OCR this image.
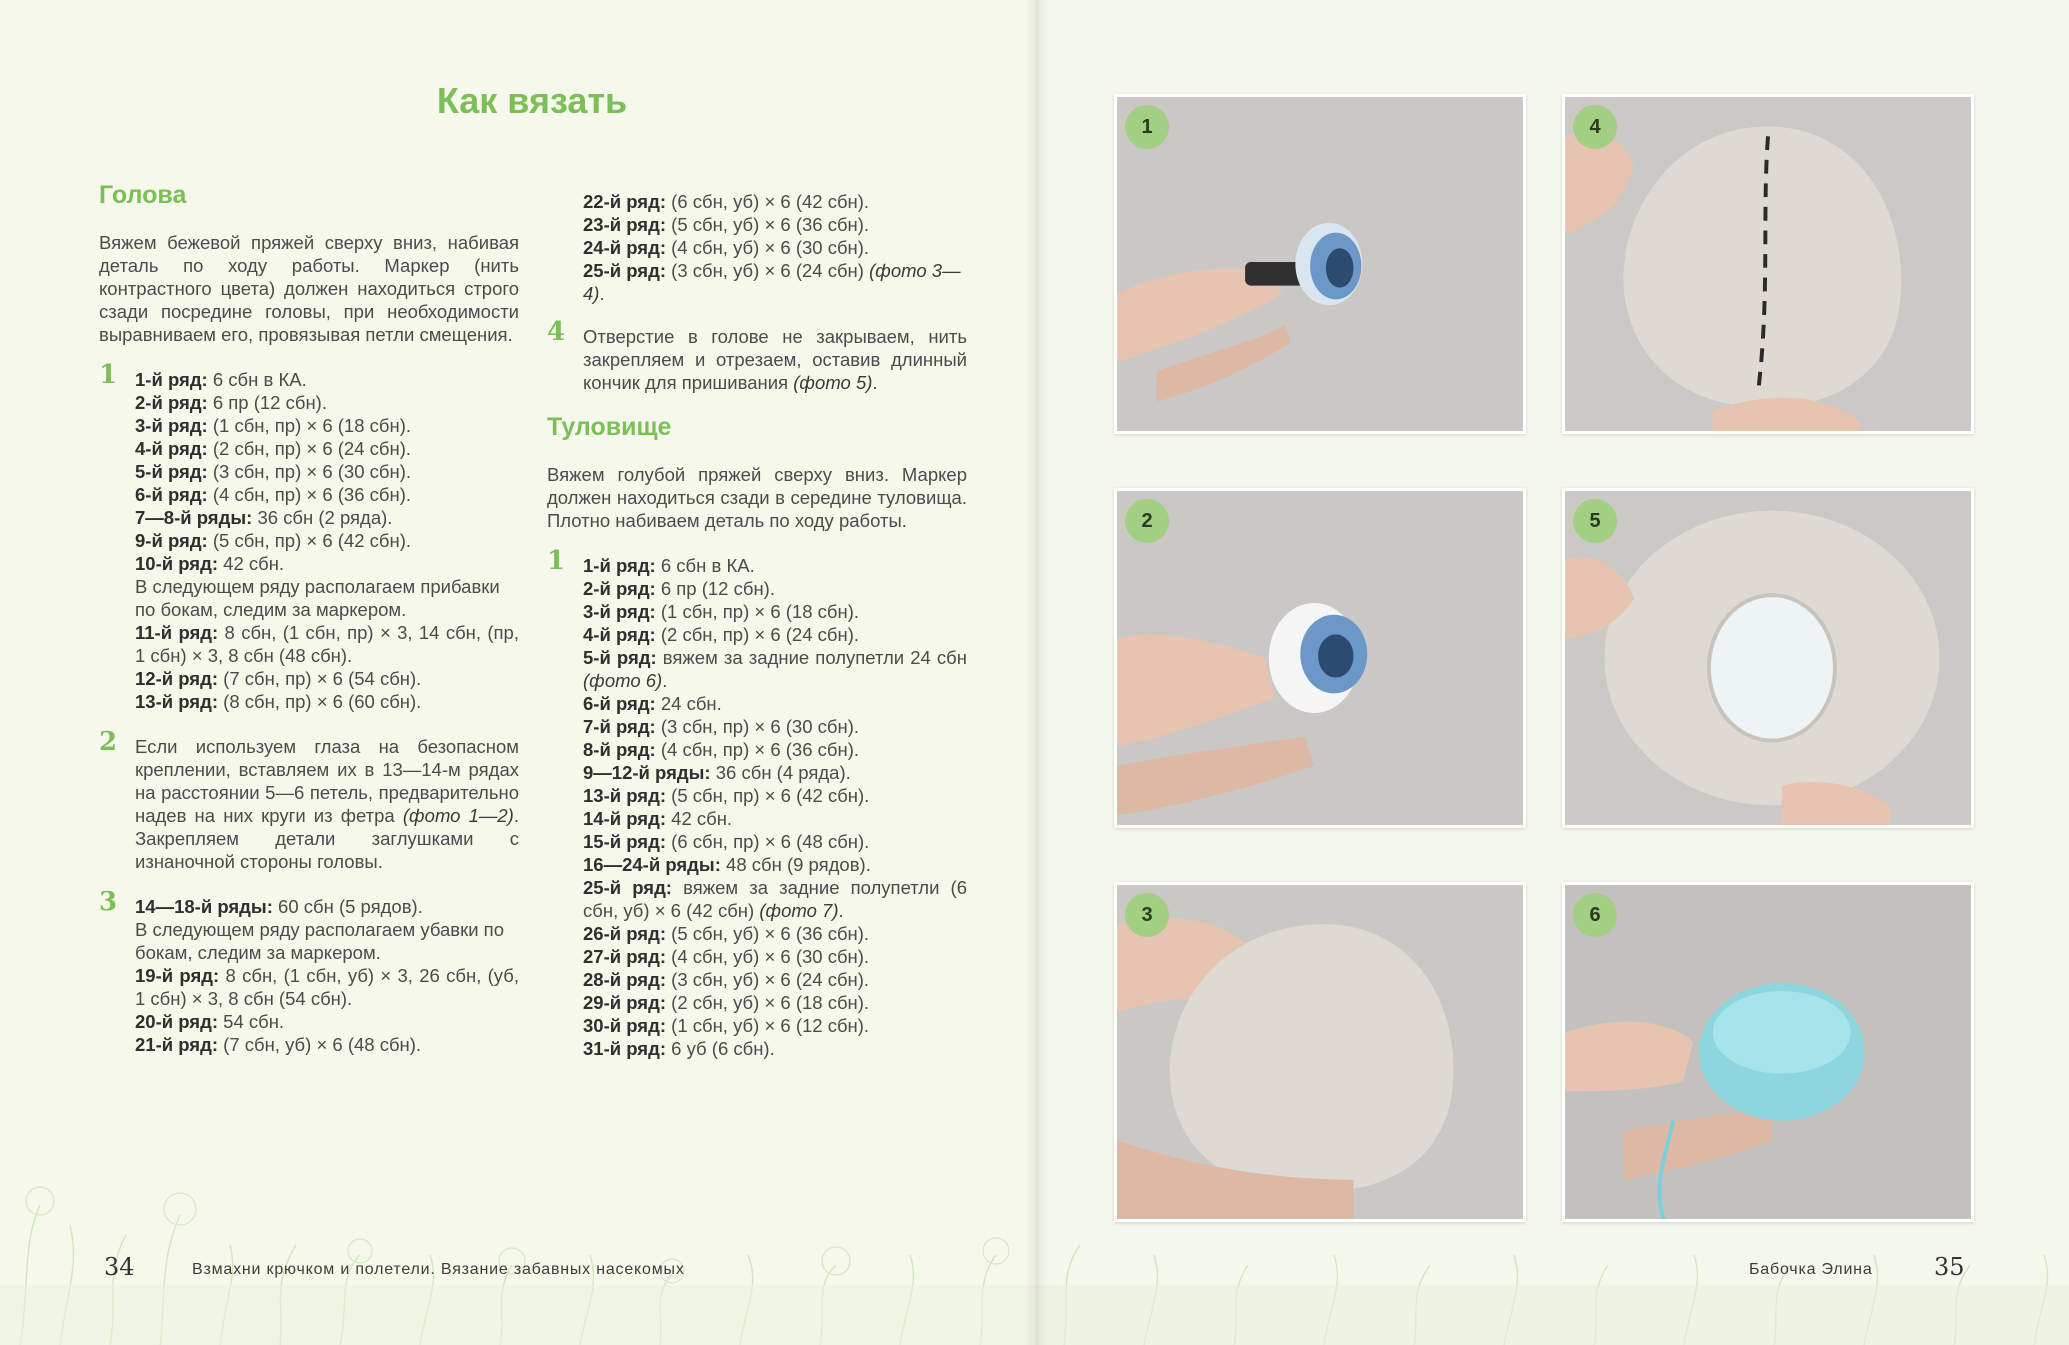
Как вязать
Голова
Вяжем бежевой пряжей сверху вниз, набивая деталь по ходу работы. Маркер (нить контрастного цвета) должен находиться строго сзади посредине головы, при необходимости выравниваем его, провязывая петли смещения.
1 1-й ряд: 6 сбн в КА.
2-й ряд: 6 пр (12 сбн).
3-й ряд: (1 сбн, пр) × 6 (18 сбн).
4-й ряд: (2 сбн, пр) × 6 (24 сбн).
5-й ряд: (3 сбн, пр) × 6 (30 сбн).
6-й ряд: (4 сбн, пр) × 6 (36 сбн).
7—8-й ряды: 36 сбн (2 ряда).
9-й ряд: (5 сбн, пр) × 6 (42 сбн).
10-й ряд: 42 сбн.
В следующем ряду располагаем прибавки по бокам, следим за маркером.
11-й ряд: 8 сбн, (1 сбн, пр) × 3, 14 сбн, (пр, 1 сбн) × 3, 8 сбн (48 сбн).
12-й ряд: (7 сбн, пр) × 6 (54 сбн).
13-й ряд: (8 сбн, пр) × 6 (60 сбн).
2 Если используем глаза на безопасном креплении, вставляем их в 13—14-м рядах на расстоянии 5—6 петель, предварительно надев на них круги из фетра (фото 1—2). Закрепляем детали заглушками с изнаночной стороны головы.
3 14—18-й ряды: 60 сбн (5 рядов).
В следующем ряду располагаем убавки по бокам, следим за маркером.
19-й ряд: 8 сбн, (1 сбн, уб) × 3, 26 сбн, (уб, 1 сбн) × 3, 8 сбн (54 сбн).
20-й ряд: 54 сбн.
21-й ряд: (7 сбн, уб) × 6 (48 сбн).
22-й ряд: (6 сбн, уб) × 6 (42 сбн).
23-й ряд: (5 сбн, уб) × 6 (36 сбн).
24-й ряд: (4 сбн, уб) × 6 (30 сбн).
25-й ряд: (3 сбн, уб) × 6 (24 сбн) (фото 3—4).
4 Отверстие в голове не закрываем, нить закрепляем и отрезаем, оставив длинный кончик для пришивания (фото 5).
Туловище
Вяжем голубой пряжей сверху вниз. Маркер должен находиться сзади в середине туловища. Плотно набиваем деталь по ходу работы.
1 1-й ряд: 6 сбн в КА.
2-й ряд: 6 пр (12 сбн).
3-й ряд: (1 сбн, пр) × 6 (18 сбн).
4-й ряд: (2 сбн, пр) × 6 (24 сбн).
5-й ряд: вяжем за задние полупетли 24 сбн (фото 6).
6-й ряд: 24 сбн.
7-й ряд: (3 сбн, пр) × 6 (30 сбн).
8-й ряд: (4 сбн, пр) × 6 (36 сбн).
9—12-й ряды: 36 сбн (4 ряда).
13-й ряд: (5 сбн, пр) × 6 (42 сбн).
14-й ряд: 42 сбн.
15-й ряд: (6 сбн, пр) × 6 (48 сбн).
16—24-й ряды: 48 сбн (9 рядов).
25-й ряд: вяжем за задние полупетли (6 сбн, уб) × 6 (42 сбн) (фото 7).
26-й ряд: (5 сбн, уб) × 6 (36 сбн).
27-й ряд: (4 сбн, уб) × 6 (30 сбн).
28-й ряд: (3 сбн, уб) × 6 (24 сбн).
29-й ряд: (2 сбн, уб) × 6 (18 сбн).
30-й ряд: (1 сбн, уб) × 6 (12 сбн).
31-й ряд: 6 уб (6 сбн).
34	Взмахни крючком и полетели. Вязание забавных насекомых
1	4
2	5
3	6
Бабочка Элина	35
